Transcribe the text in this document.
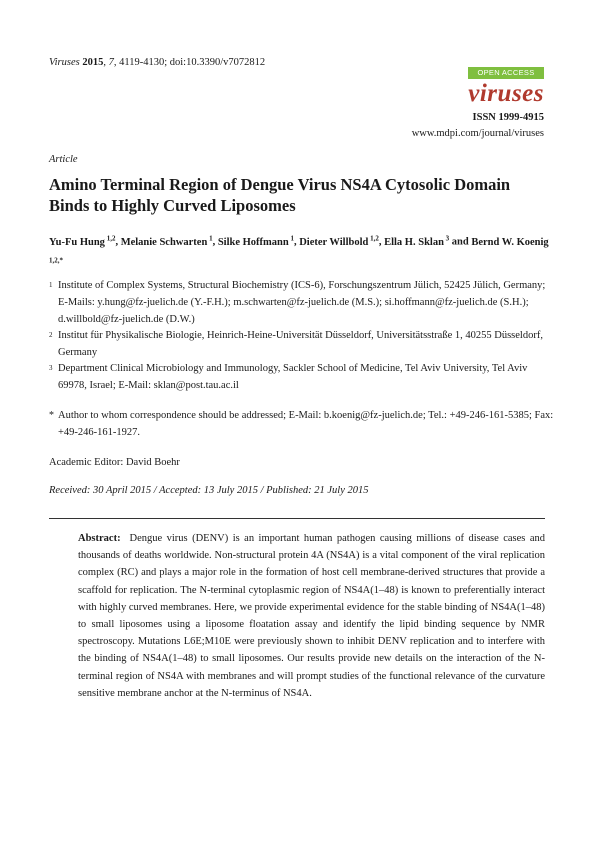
Viruses 2015, 7, 4119-4130; doi:10.3390/v7072812
OPEN ACCESS
viruses
ISSN 1999-4915
www.mdpi.com/journal/viruses
Article
Amino Terminal Region of Dengue Virus NS4A Cytosolic Domain Binds to Highly Curved Liposomes
Yu-Fu Hung $^{1,2}$, Melanie Schwarten $^1$, Silke Hoffmann $^1$, Dieter Willbold $^{1,2}$, Ella H. Sklan $^3$ and Bernd W. Koenig $^{1,2,*}$
1 Institute of Complex Systems, Structural Biochemistry (ICS-6), Forschungszentrum Jülich, 52425 Jülich, Germany; E-Mails: y.hung@fz-juelich.de (Y.-F.H.); m.schwarten@fz-juelich.de (M.S.); si.hoffmann@fz-juelich.de (S.H.); d.willbold@fz-juelich.de (D.W.)
2 Institut für Physikalische Biologie, Heinrich-Heine-Universität Düsseldorf, Universitätsstraße 1, 40255 Düsseldorf, Germany
3 Department Clinical Microbiology and Immunology, Sackler School of Medicine, Tel Aviv University, Tel Aviv 69978, Israel; E-Mail: sklan@post.tau.ac.il
* Author to whom correspondence should be addressed; E-Mail: b.koenig@fz-juelich.de; Tel.: +49-246-161-5385; Fax: +49-246-161-1927.
Academic Editor: David Boehr
Received: 30 April 2015 / Accepted: 13 July 2015 / Published: 21 July 2015
Abstract: Dengue virus (DENV) is an important human pathogen causing millions of disease cases and thousands of deaths worldwide. Non-structural protein 4A (NS4A) is a vital component of the viral replication complex (RC) and plays a major role in the formation of host cell membrane-derived structures that provide a scaffold for replication. The N-terminal cytoplasmic region of NS4A(1–48) is known to preferentially interact with highly curved membranes. Here, we provide experimental evidence for the stable binding of NS4A(1–48) to small liposomes using a liposome floatation assay and identify the lipid binding sequence by NMR spectroscopy. Mutations L6E;M10E were previously shown to inhibit DENV replication and to interfere with the binding of NS4A(1–48) to small liposomes. Our results provide new details on the interaction of the N-terminal region of NS4A with membranes and will prompt studies of the functional relevance of the curvature sensitive membrane anchor at the N-terminus of NS4A.
